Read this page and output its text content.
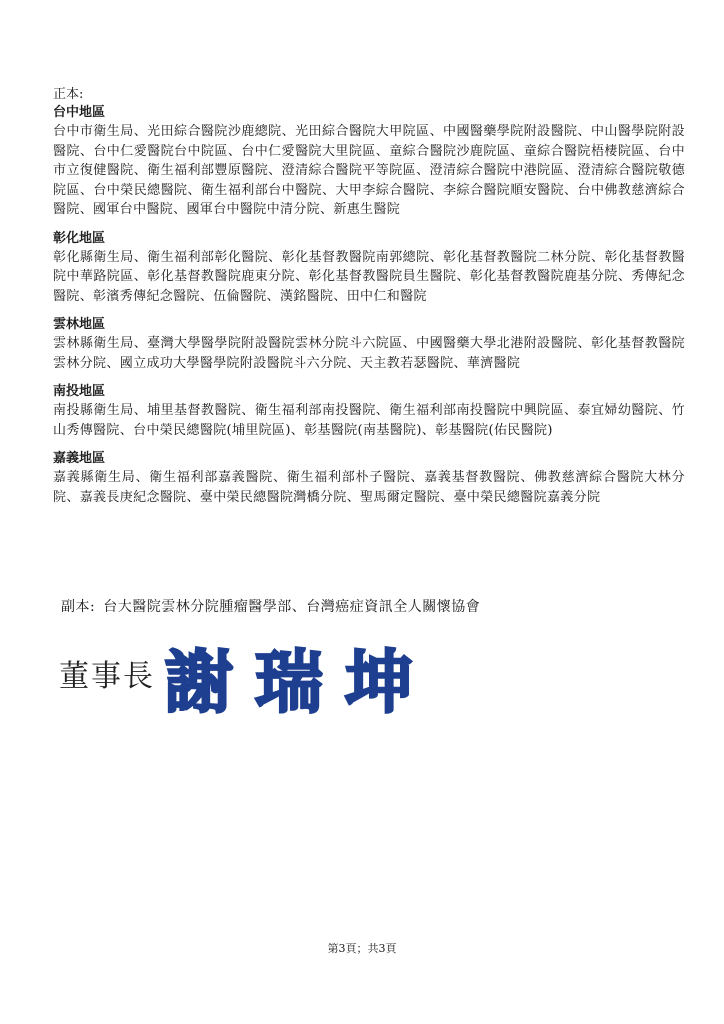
正本:

台中地區

台中市衛生局、光田綜合醫院沙鹿總院、光田綜合醫院大甲院區、中國醫藥學院附設醫院、中山醫學院附設醫院、台中仁愛醫院台中院區、台中仁愛醫院大里院區、童綜合醫院沙鹿院區、童綜合醫院梧棲院區、台中市立復健醫院、衛生福利部豐原醫院、澄清綜合醫院平等院區、澄清綜合醫院中港院區、澄清綜合醫院敬德院區、台中榮民總醫院、衛生福利部台中醫院、大甲李綜合醫院、李綜合醫院順安醫院、台中佛教慈濟綜合醫院、國軍台中醫院、國軍台中醫院中清分院、新惠生醫院

彰化地區

彰化縣衛生局、衛生福利部彰化醫院、彰化基督教醫院南郭總院、彰化基督教醫院二林分院、彰化基督教醫院中華路院區、彰化基督教醫院鹿東分院、彰化基督教醫院員生醫院、彰化基督教醫院鹿基分院、秀傳紀念醫院、彰濱秀傳紀念醫院、伍倫醫院、漢銘醫院、田中仁和醫院

雲林地區

雲林縣衛生局、臺灣大學醫學院附設醫院雲林分院斗六院區、中國醫藥大學北港附設醫院、彰化基督教醫院雲林分院、國立成功大學醫學院附設醫院斗六分院、天主教若瑟醫院、華濟醫院

南投地區

南投縣衛生局、埔里基督教醫院、衛生福利部南投醫院、衛生福利部南投醫院中興院區、泰宜婦幼醫院、竹山秀傳醫院、台中榮民總醫院(埔里院區)、彰基醫院(南基醫院)、彰基醫院(佑民醫院)

嘉義地區

嘉義縣衛生局、衛生福利部嘉義醫院、衛生福利部朴子醫院、嘉義基督教醫院、佛教慈濟綜合醫院大林分院、嘉義長庚紀念醫院、臺中榮民總醫院灣橋分院、聖馬爾定醫院、臺中榮民總醫院嘉義分院

副本: 台大醫院雲林分院腫瘤醫學部、台灣癌症資訊全人關懷協會
董事長 謝瑞坤
第3頁；共3頁
